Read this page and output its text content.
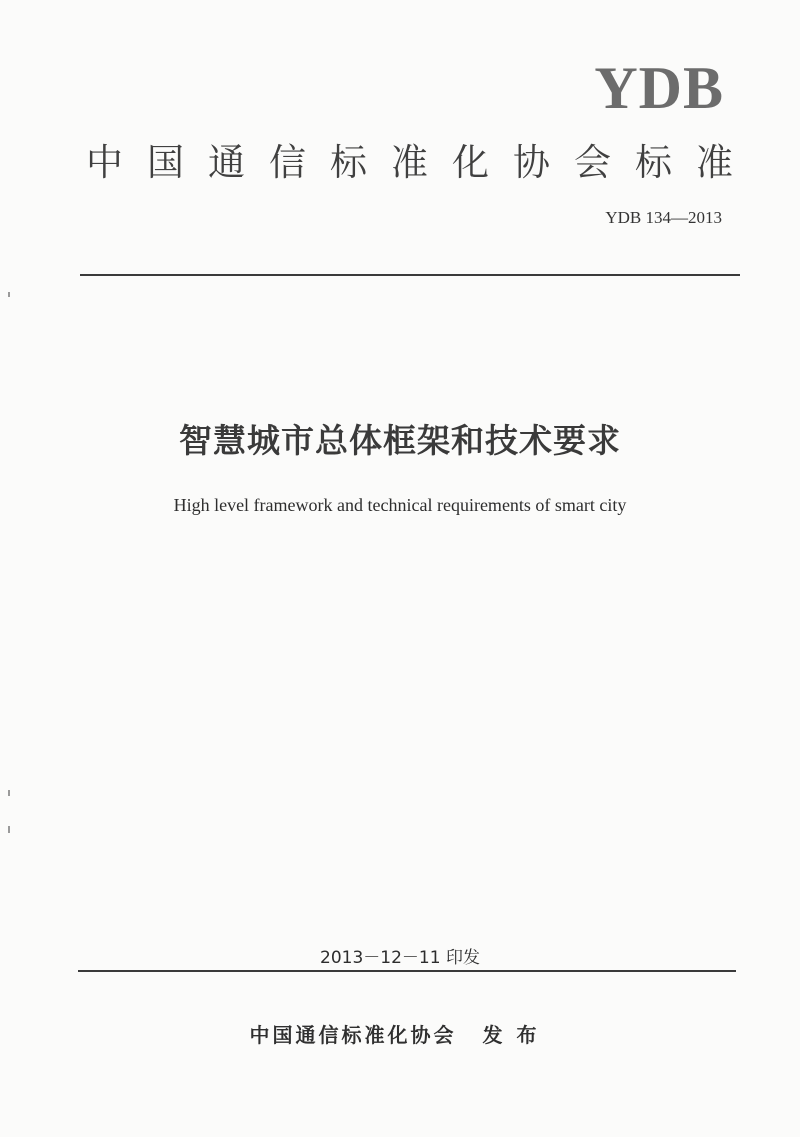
YDB
中国通信标准化协会标准
YDB 134—2013
智慧城市总体框架和技术要求
High level framework and technical requirements of smart city
2013－12－11 印发
中国通信标准化协会 发布
